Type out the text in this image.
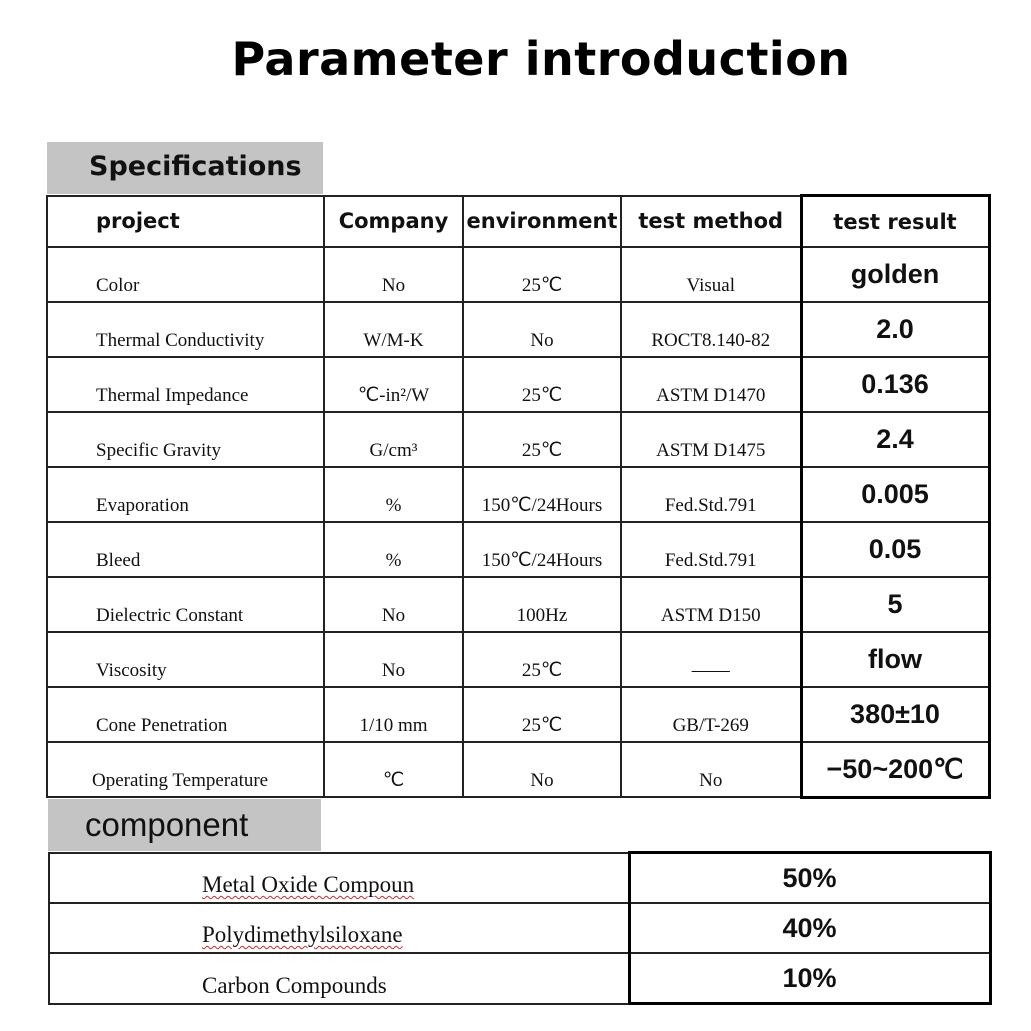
Parameter introduction
Specifications
project	Company	environment	test method	test result
Color	No	25℃	Visual	golden
Thermal Conductivity	W/M-K	No	ROCT8.140-82	2.0
Thermal Impedance	℃-in²/W	25℃	ASTM D1470	0.136
Specific Gravity	G/cm³	25℃	ASTM D1475	2.4
Evaporation	%	150℃/24Hours	Fed.Std.791	0.005
Bleed	%	150℃/24Hours	Fed.Std.791	0.05
Dielectric Constant	No	100Hz	ASTM D150	5
Viscosity	No	25℃	——	flow
Cone Penetration	1/10 mm	25℃	GB/T-269	380±10
Operating Temperature	℃	No	No	−50~200℃
component
Metal Oxide Compoun	50%
Polydimethylsiloxane	40%
Carbon Compounds	10%
